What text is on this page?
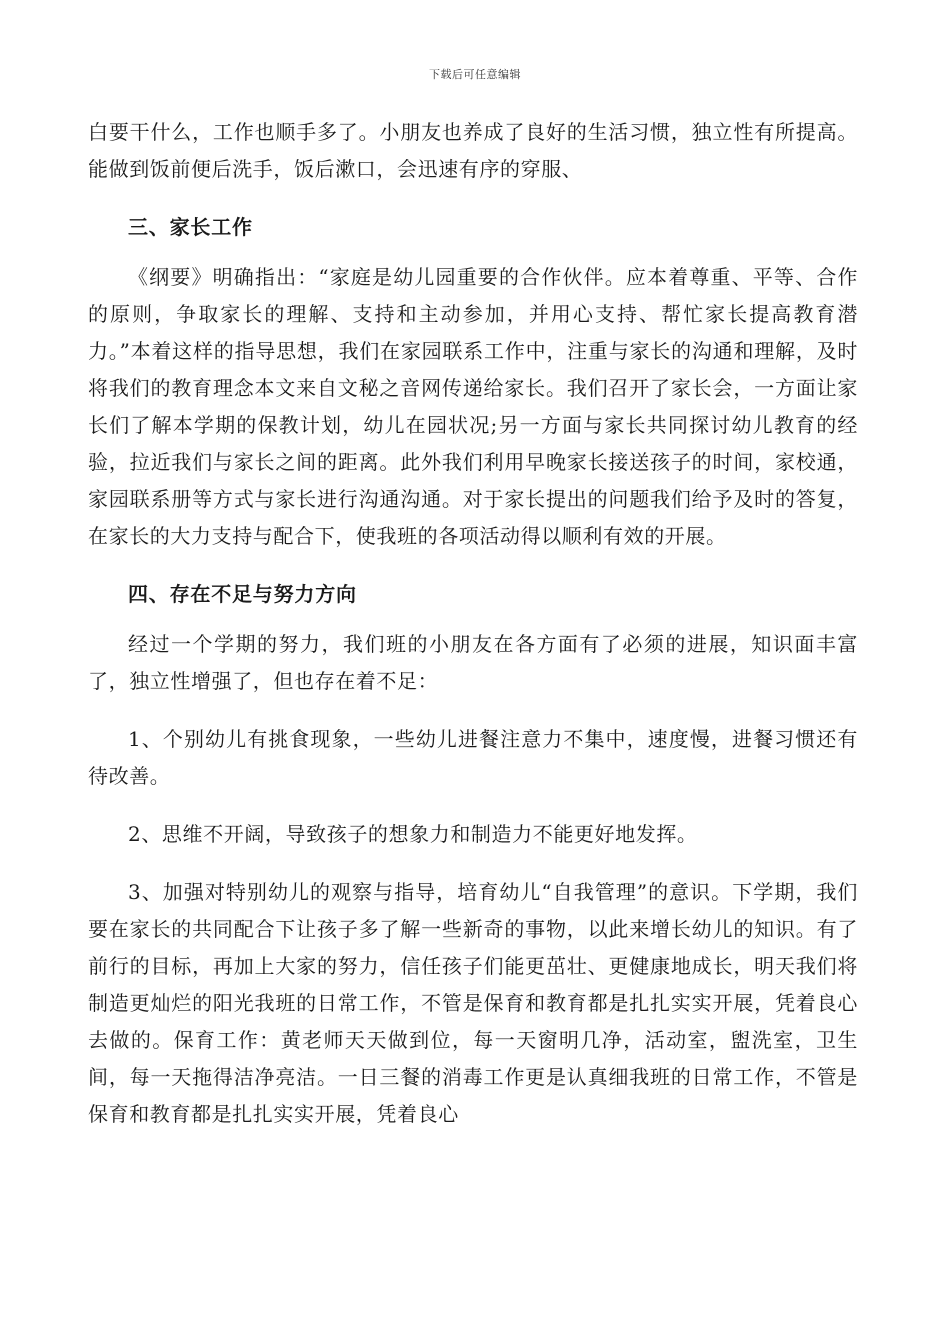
下载后可任意编辑

白要干什么，工作也顺手多了。小朋友也养成了良好的生活习惯，独立性有所提高。能做到饭前便后洗手，饭后漱口，会迅速有序的穿服、

三、家长工作

《纲要》明确指出：“家庭是幼儿园重要的合作伙伴。应本着尊重、平等、合作的原则，争取家长的理解、支持和主动参加，并用心支持、帮忙家长提高教育潜力。”本着这样的指导思想，我们在家园联系工作中，注重与家长的沟通和理解，及时将我们的教育理念本文来自文秘之音网传递给家长。我们召开了家长会，一方面让家长们了解本学期的保教计划，幼儿在园状况;另一方面与家长共同探讨幼儿教育的经验，拉近我们与家长之间的距离。此外我们利用早晚家长接送孩子的时间，家校通，家园联系册等方式与家长进行沟通沟通。对于家长提出的问题我们给予及时的答复，在家长的大力支持与配合下，使我班的各项活动得以顺利有效的开展。

四、存在不足与努力方向

经过一个学期的努力，我们班的小朋友在各方面有了必须的进展，知识面丰富了，独立性增强了，但也存在着不足：

1、个别幼儿有挑食现象，一些幼儿进餐注意力不集中，速度慢，进餐习惯还有待改善。

2、思维不开阔，导致孩子的想象力和制造力不能更好地发挥。

3、加强对特别幼儿的观察与指导，培育幼儿“自我管理”的意识。下学期，我们要在家长的共同配合下让孩子多了解一些新奇的事物，以此来增长幼儿的知识。有了前行的目标，再加上大家的努力，信任孩子们能更茁壮、更健康地成长，明天我们将制造更灿烂的阳光我班的日常工作，不管是保育和教育都是扎扎实实开展，凭着良心去做的。保育工作：黄老师天天做到位，每一天窗明几净，活动室，盥洗室，卫生间，每一天拖得洁净亮洁。一日三餐的消毒工作更是认真细我班的日常工作，不管是保育和教育都是扎扎实实开展，凭着良心
